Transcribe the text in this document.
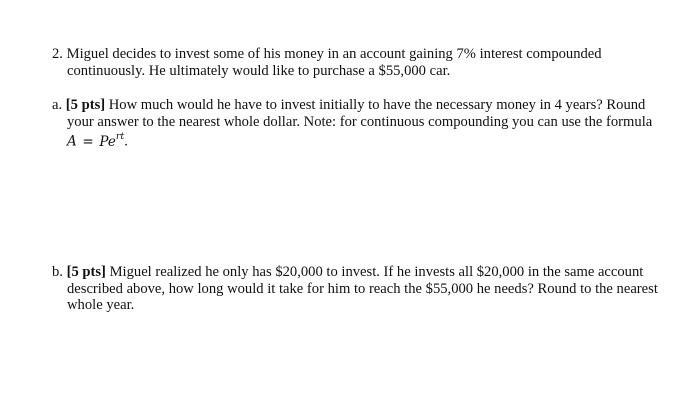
2. Miguel decides to invest some of his money in an account gaining 7% interest compounded
continuously. He ultimately would like to purchase a $55,000 car.
a. [5 pts] How much would he have to invest initially to have the necessary money in 4 years? Round
your answer to the nearest whole dollar. Note: for continuous compounding you can use the formula
$A = Pe^{rt}$.
b. [5 pts] Miguel realized he only has $20,000 to invest. If he invests all $20,000 in the same account
described above, how long would it take for him to reach the $55,000 he needs? Round to the nearest
whole year.
